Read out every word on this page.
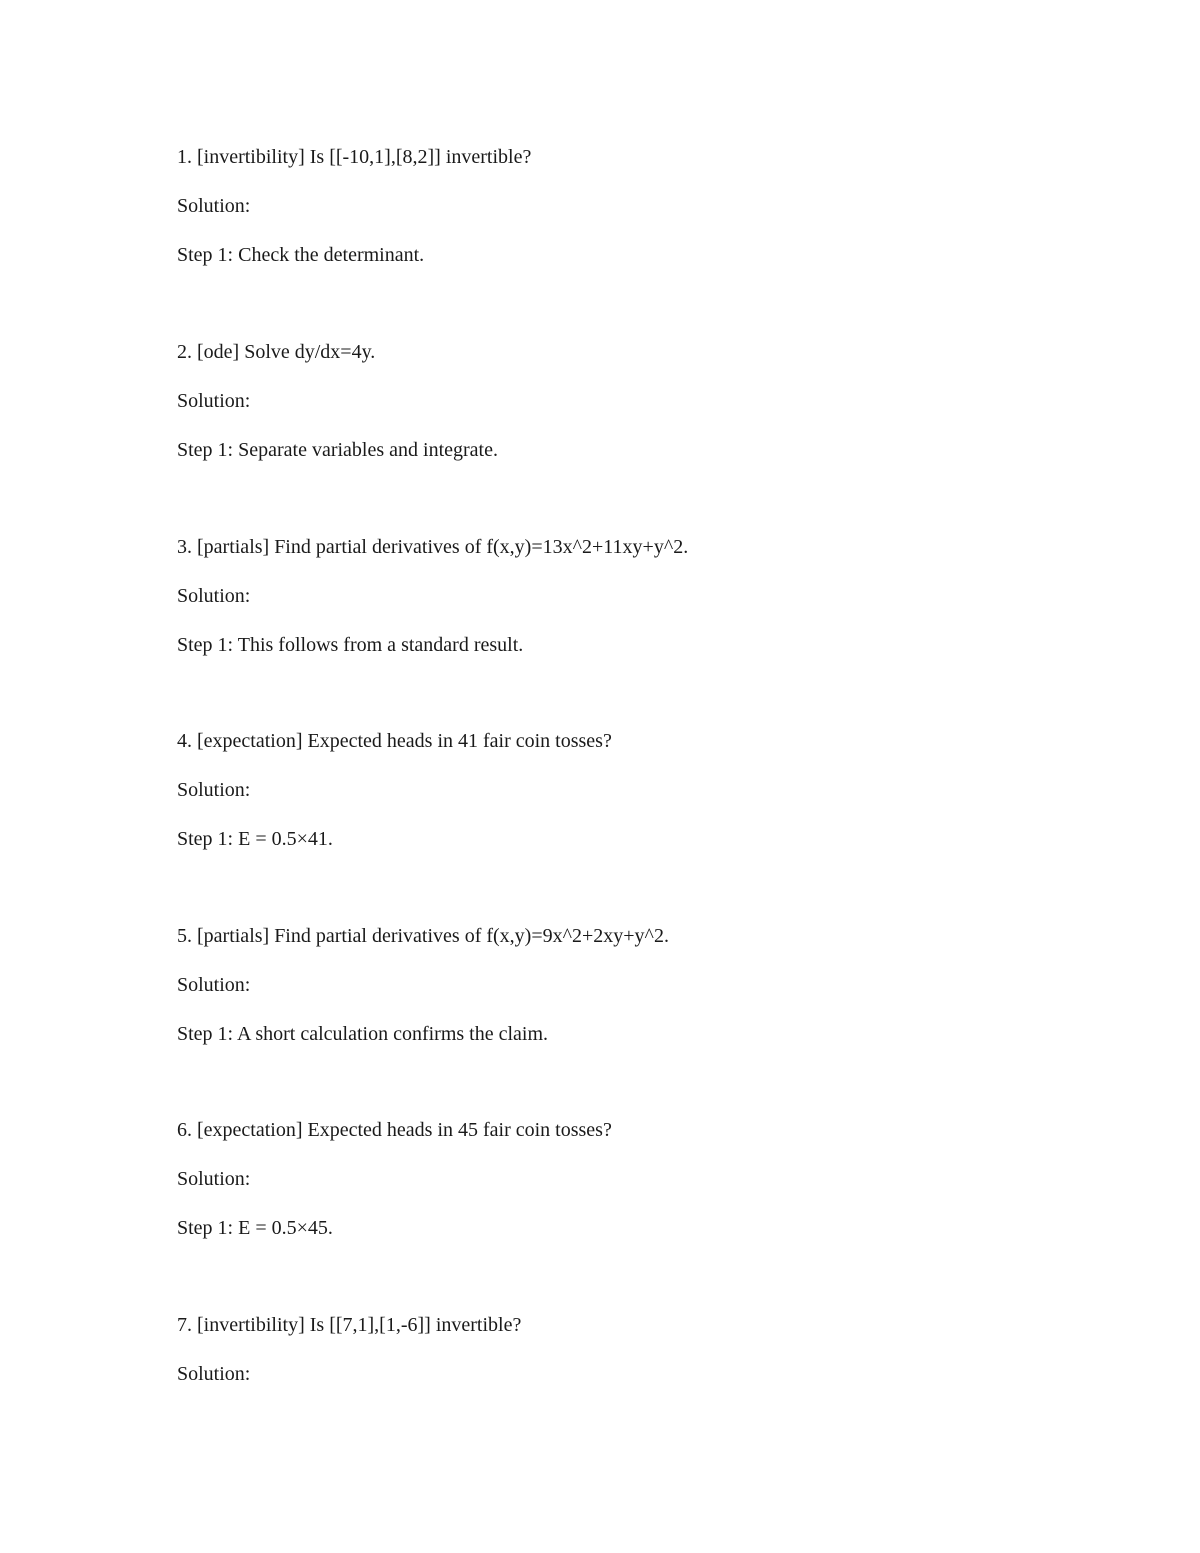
1. [invertibility] Is [[-10,1],[8,2]] invertible?

Solution:

Step 1: Check the determinant.

2. [ode] Solve dy/dx=4y.

Solution:

Step 1: Separate variables and integrate.

3. [partials] Find partial derivatives of f(x,y)=13x^2+11xy+y^2.

Solution:

Step 1: This follows from a standard result.

4. [expectation] Expected heads in 41 fair coin tosses?

Solution:

Step 1: E = 0.5×41.

5. [partials] Find partial derivatives of f(x,y)=9x^2+2xy+y^2.

Solution:

Step 1: A short calculation confirms the claim.

6. [expectation] Expected heads in 45 fair coin tosses?

Solution:

Step 1: E = 0.5×45.

7. [invertibility] Is [[7,1],[1,-6]] invertible?

Solution:
